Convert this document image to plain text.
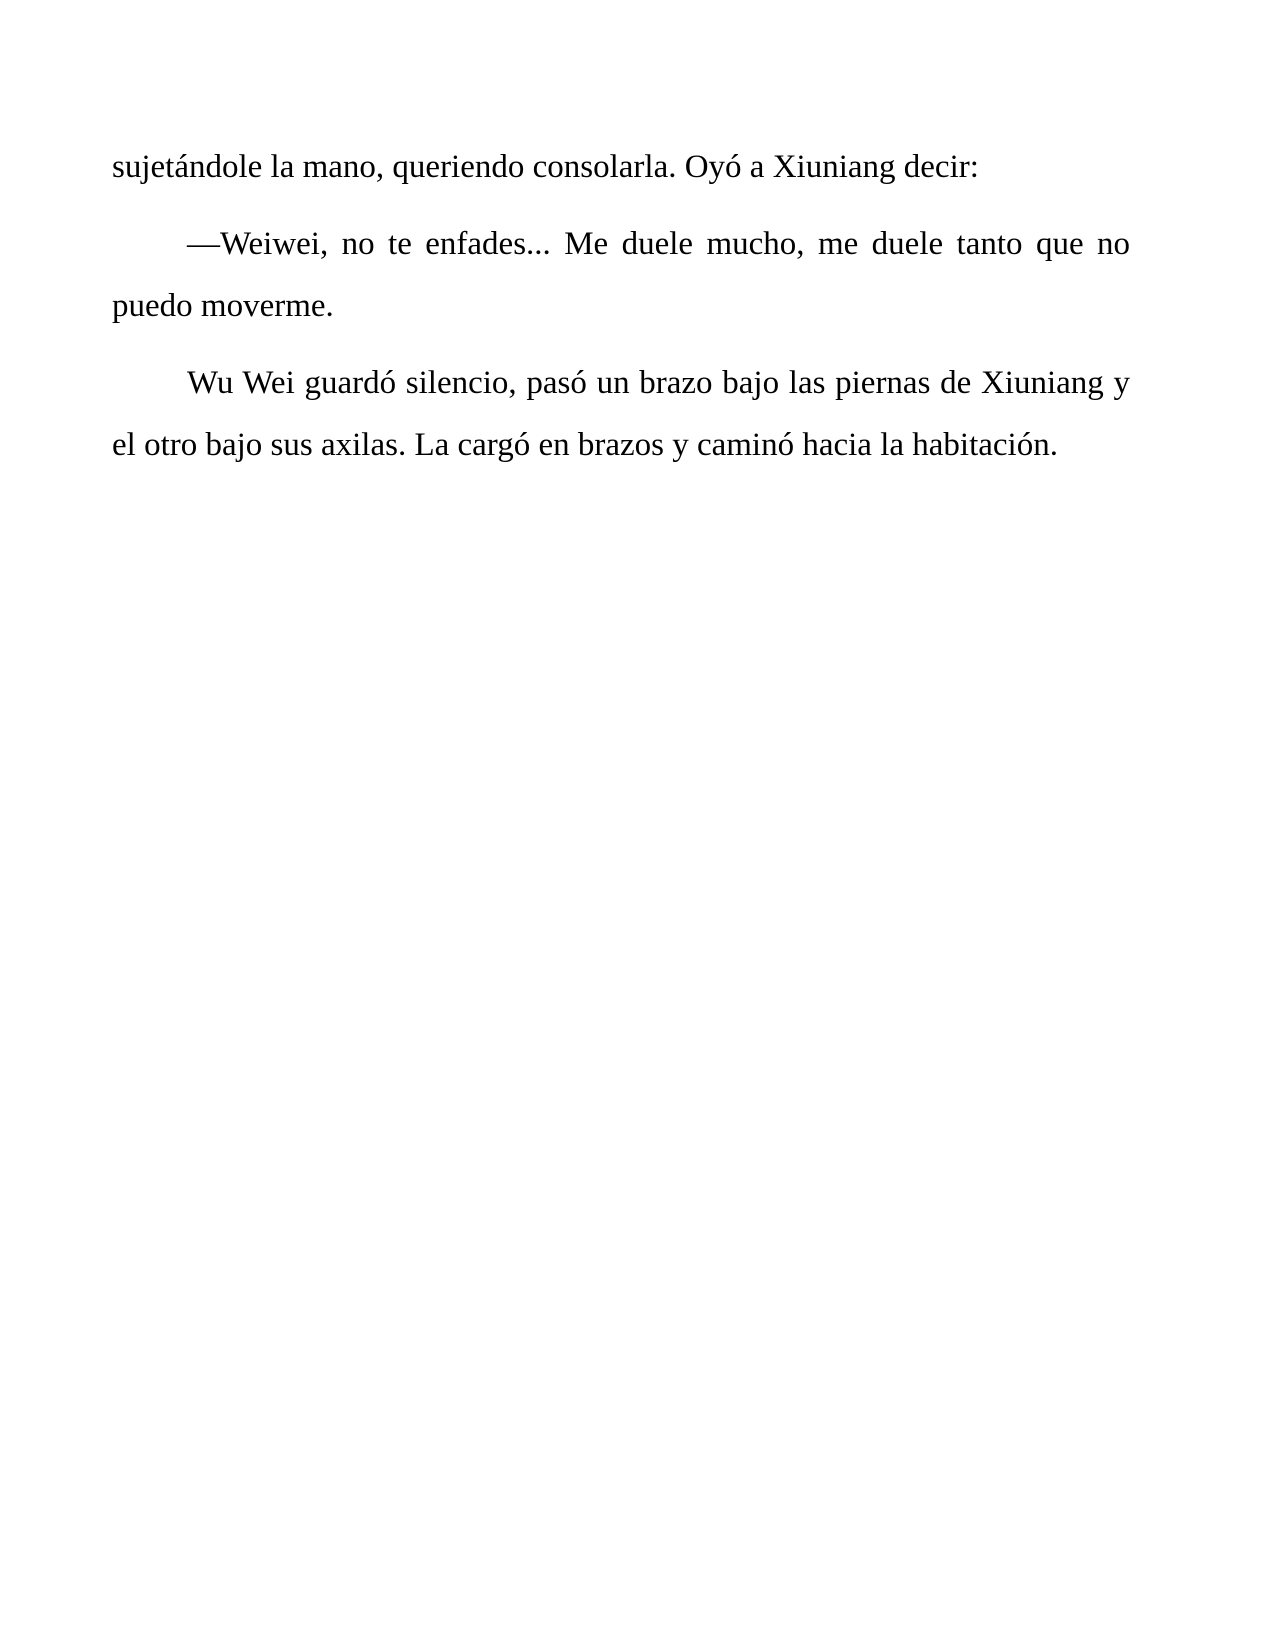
sujetándole la mano, queriendo consolarla. Oyó a Xiuniang decir:

—Weiwei, no te enfades... Me duele mucho, me duele tanto que no puedo moverme.

Wu Wei guardó silencio, pasó un brazo bajo las piernas de Xiuniang y el otro bajo sus axilas. La cargó en brazos y caminó hacia la habitación.
